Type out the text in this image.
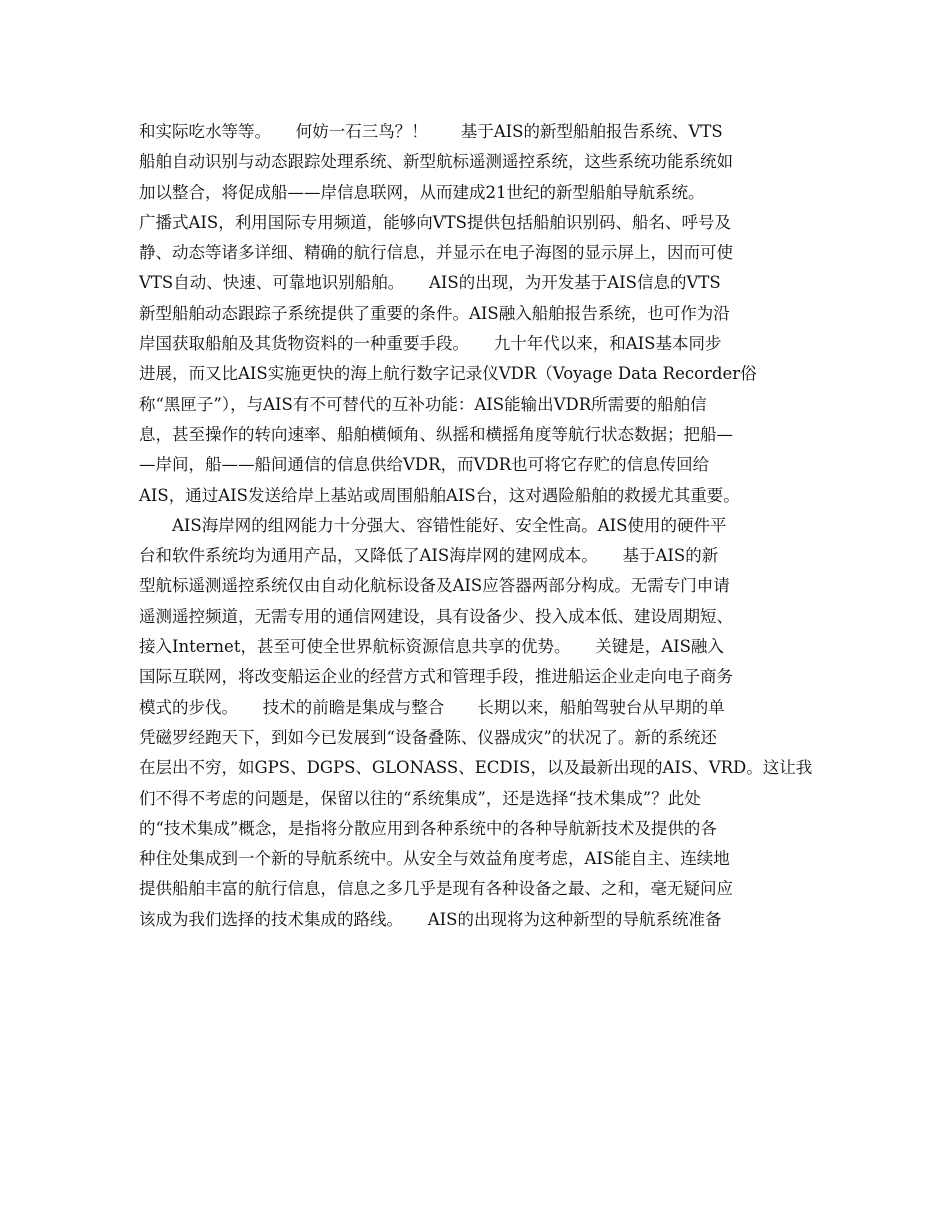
和实际吃水等等。　　何妨一石三鸟？！　　基于AIS的新型船舶报告系统、VTS
船舶自动识别与动态跟踪处理系统、新型航标遥测遥控系统，这些系统功能系统如
加以整合，将促成船——岸信息联网，从而建成21世纪的新型船舶导航系统。
广播式AIS，利用国际专用频道，能够向VTS提供包括船舶识别码、船名、呼号及
静、动态等诸多详细、精确的航行信息，并显示在电子海图的显示屏上，因而可使
VTS自动、快速、可靠地识别船舶。　　AIS的出现，为开发基于AIS信息的VTS
新型船舶动态跟踪子系统提供了重要的条件。AIS融入船舶报告系统，也可作为沿
岸国获取船舶及其货物资料的一种重要手段。　　九十年代以来，和AIS基本同步
进展，而又比AIS实施更快的海上航行数字记录仪VDR（Voyage Data Recorder俗
称“黑匣子”），与AIS有不可替代的互补功能：AIS能输出VDR所需要的船舶信
息，甚至操作的转向速率、船舶横倾角、纵摇和横摇角度等航行状态数据；把船—
—岸间，船——船间通信的信息供给VDR，而VDR也可将它存贮的信息传回给
AIS，通过AIS发送给岸上基站或周围船舶AIS台，这对遇险船舶的救援尤其重要。
AIS海岸网的组网能力十分强大、容错性能好、安全性高。AIS使用的硬件平
台和软件系统均为通用产品，又降低了AIS海岸网的建网成本。　　基于AIS的新
型航标遥测遥控系统仅由自动化航标设备及AIS应答器两部分构成。无需专门申请
遥测遥控频道，无需专用的通信网建设，具有设备少、投入成本低、建设周期短、
接入Internet，甚至可使全世界航标资源信息共享的优势。　　关键是，AIS融入
国际互联网，将改变船运企业的经营方式和管理手段，推进船运企业走向电子商务
模式的步伐。　　技术的前瞻是集成与整合　　长期以来，船舶驾驶台从早期的单
凭磁罗经跑天下，到如今已发展到“设备叠陈、仪器成灾”的状况了。新的系统还
在层出不穷，如GPS、DGPS、GLONASS、ECDIS，以及最新出现的AIS、VRD。这让我
们不得不考虑的问题是，保留以往的“系统集成”，还是选择“技术集成”？此处
的“技术集成”概念，是指将分散应用到各种系统中的各种导航新技术及提供的各
种住处集成到一个新的导航系统中。从安全与效益角度考虑，AIS能自主、连续地
提供船舶丰富的航行信息，信息之多几乎是现有各种设备之最、之和，毫无疑问应
该成为我们选择的技术集成的路线。　　AIS的出现将为这种新型的导航系统准备
